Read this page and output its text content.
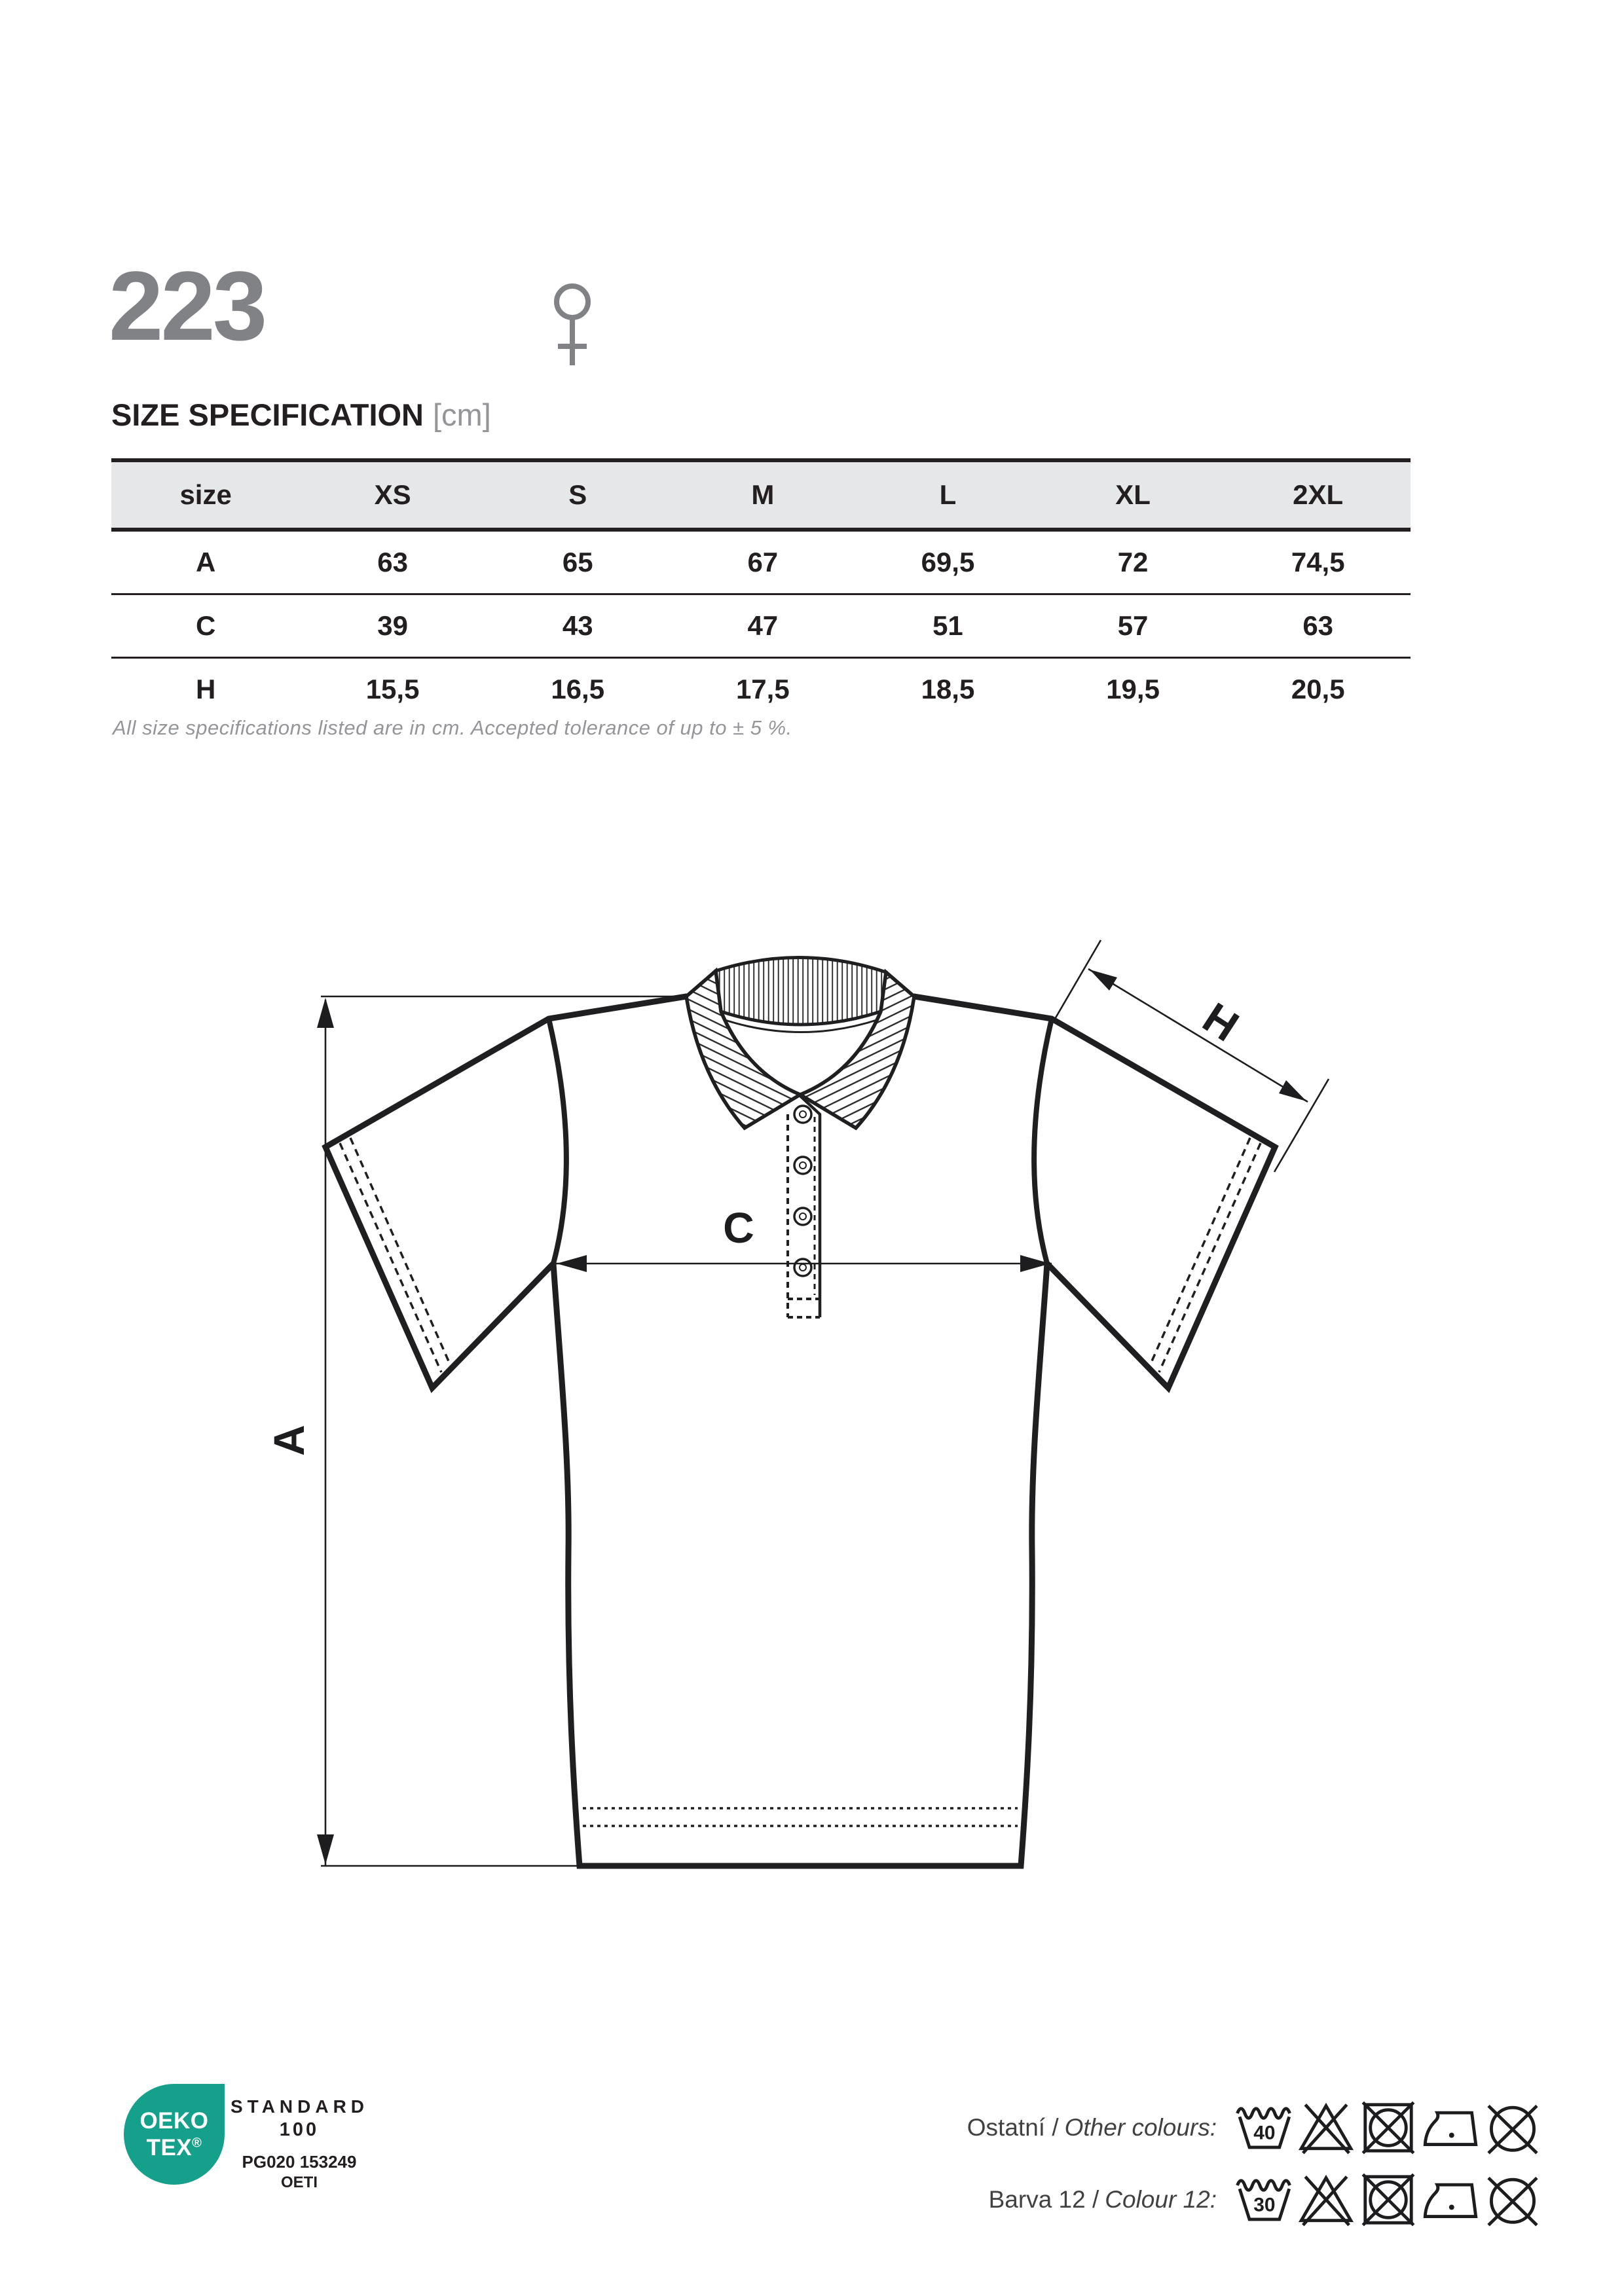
223
SIZE SPECIFICATION [cm]
size	XS	S	M	L	XL	2XL
A	63	65	67	69,5	72	74,5
C	39	43	47	51	57	63
H	15,5	16,5	17,5	18,5	19,5	20,5
All size specifications listed are in cm. Accepted tolerance of up to ± 5 %.
A
C
H
OEKO
TEX®
STANDARD
100
PG020 153249
OETI
Ostatní / Other colours: 40
Barva 12 / Colour 12: 30
